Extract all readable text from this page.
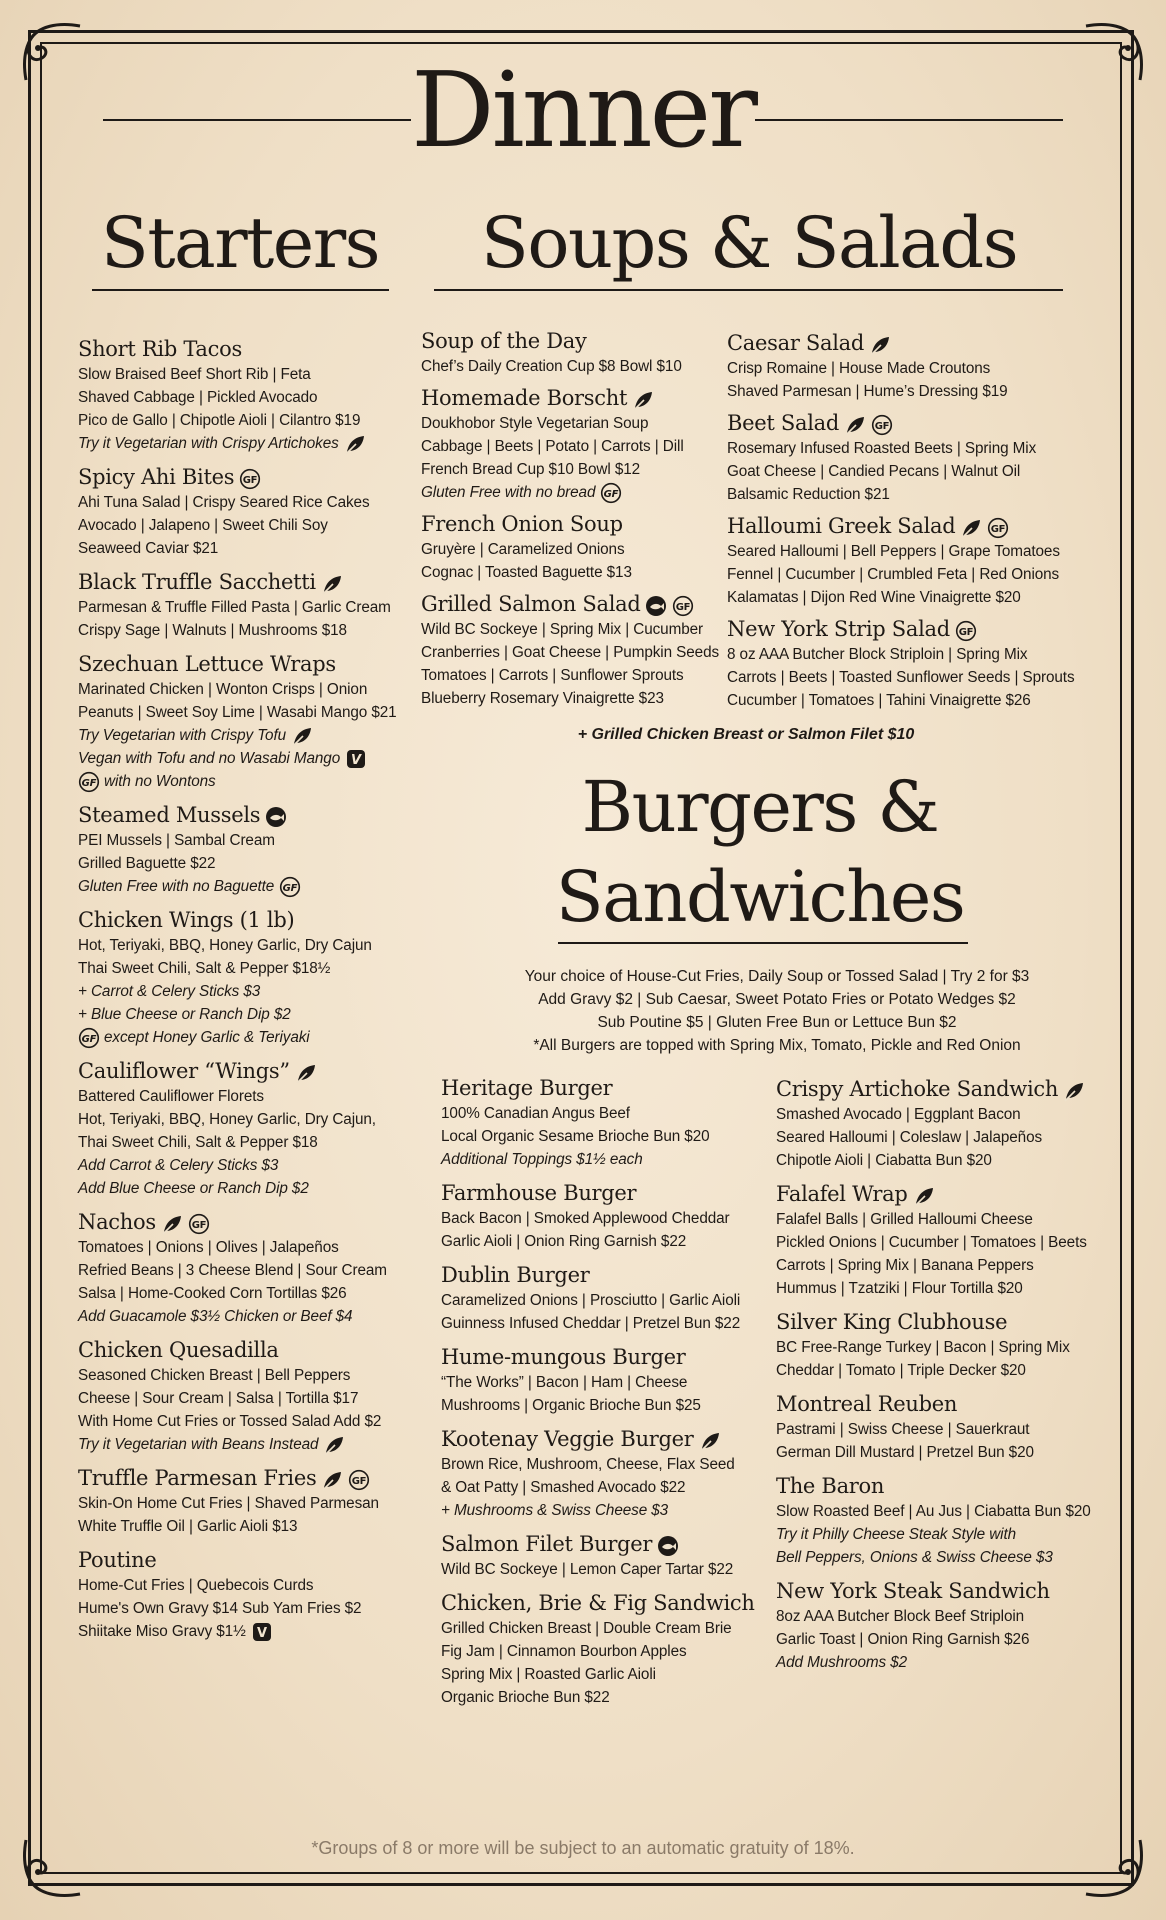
Dinner
Starters	Soups & Salads
Short Rib Tacos
Slow Braised Beef Short Rib | Feta
Shaved Cabbage | Pickled Avocado
Pico de Gallo | Chipotle Aioli | Cilantro $19
Try it Vegetarian with Crispy Artichokes
Spicy Ahi Bites GF
Ahi Tuna Salad | Crispy Seared Rice Cakes
Avocado | Jalapeno | Sweet Chili Soy
Seaweed Caviar $21
Black Truffle Sacchetti
Parmesan & Truffle Filled Pasta | Garlic Cream
Crispy Sage | Walnuts | Mushrooms $18
Szechuan Lettuce Wraps
Marinated Chicken | Wonton Crisps | Onion
Peanuts | Sweet Soy Lime | Wasabi Mango $21
Try Vegetarian with Crispy Tofu
Vegan with Tofu and no Wasabi Mango V
GF with no Wontons
Steamed Mussels
PEI Mussels | Sambal Cream
Grilled Baguette $22
Gluten Free with no Baguette GF
Chicken Wings (1 lb)
Hot, Teriyaki, BBQ, Honey Garlic, Dry Cajun
Thai Sweet Chili, Salt & Pepper $18½
+ Carrot & Celery Sticks $3
+ Blue Cheese or Ranch Dip $2
GF except Honey Garlic & Teriyaki
Cauliflower “Wings”
Battered Cauliflower Florets
Hot, Teriyaki, BBQ, Honey Garlic, Dry Cajun,
Thai Sweet Chili, Salt & Pepper $18
Add Carrot & Celery Sticks $3
Add Blue Cheese or Ranch Dip $2
Nachos	GF
Tomatoes | Onions | Olives | Jalapeños
Refried Beans | 3 Cheese Blend | Sour Cream
Salsa | Home-Cooked Corn Tortillas $26
Add Guacamole $3½ Chicken or Beef $4
Chicken Quesadilla
Seasoned Chicken Breast | Bell Peppers
Cheese | Sour Cream | Salsa | Tortilla $17
With Home Cut Fries or Tossed Salad Add $2
Try it Vegetarian with Beans Instead
Truffle Parmesan Fries	GF
Skin-On Home Cut Fries | Shaved Parmesan
White Truffle Oil | Garlic Aioli $13
Poutine
Home-Cut Fries | Quebecois Curds
Hume's Own Gravy $14 Sub Yam Fries $2
Shiitake Miso Gravy $1½ V
Soup of the Day
Chef’s Daily Creation Cup $8 Bowl $10
Homemade Borscht
Doukhobor Style Vegetarian Soup
Cabbage | Beets | Potato | Carrots | Dill
French Bread Cup $10 Bowl $12
Gluten Free with no bread GF
French Onion Soup
Gruyère | Caramelized Onions
Cognac | Toasted Baguette $13
Grilled Salmon Salad	GF
Wild BC Sockeye | Spring Mix | Cucumber
Cranberries | Goat Cheese | Pumpkin Seeds
Tomatoes | Carrots | Sunflower Sprouts
Blueberry Rosemary Vinaigrette $23
Caesar Salad
Crisp Romaine | House Made Croutons
Shaved Parmesan | Hume’s Dressing $19
Beet Salad	GF
Rosemary Infused Roasted Beets | Spring Mix
Goat Cheese | Candied Pecans | Walnut Oil
Balsamic Reduction $21
Halloumi Greek Salad	GF
Seared Halloumi | Bell Peppers | Grape Tomatoes
Fennel | Cucumber | Crumbled Feta | Red Onions
Kalamatas | Dijon Red Wine Vinaigrette $20
New York Strip Salad GF
8 oz AAA Butcher Block Striploin | Spring Mix
Carrots | Beets | Toasted Sunflower Seeds | Sprouts
Cucumber | Tomatoes | Tahini Vinaigrette $26
+ Grilled Chicken Breast or Salmon Filet $10
Burgers &
Sandwiches
Your choice of House-Cut Fries, Daily Soup or Tossed Salad | Try 2 for $3
Add Gravy $2 | Sub Caesar, Sweet Potato Fries or Potato Wedges $2
Sub Poutine $5 | Gluten Free Bun or Lettuce Bun $2
*All Burgers are topped with Spring Mix, Tomato, Pickle and Red Onion
Heritage Burger
100% Canadian Angus Beef
Local Organic Sesame Brioche Bun $20
Additional Toppings $1½ each
Farmhouse Burger
Back Bacon | Smoked Applewood Cheddar
Garlic Aioli | Onion Ring Garnish $22
Dublin Burger
Caramelized Onions | Prosciutto | Garlic Aioli
Guinness Infused Cheddar | Pretzel Bun $22
Hume-mungous Burger
“The Works” | Bacon | Ham | Cheese
Mushrooms | Organic Brioche Bun $25
Kootenay Veggie Burger
Brown Rice, Mushroom, Cheese, Flax Seed
& Oat Patty | Smashed Avocado $22
+ Mushrooms & Swiss Cheese $3
Salmon Filet Burger
Wild BC Sockeye | Lemon Caper Tartar $22
Chicken, Brie & Fig Sandwich
Grilled Chicken Breast | Double Cream Brie
Fig Jam | Cinnamon Bourbon Apples
Spring Mix | Roasted Garlic Aioli
Organic Brioche Bun $22
Crispy Artichoke Sandwich
Smashed Avocado | Eggplant Bacon
Seared Halloumi | Coleslaw | Jalapeños
Chipotle Aioli | Ciabatta Bun $20
Falafel Wrap
Falafel Balls | Grilled Halloumi Cheese
Pickled Onions | Cucumber | Tomatoes | Beets
Carrots | Spring Mix | Banana Peppers
Hummus | Tzatziki | Flour Tortilla $20
Silver King Clubhouse
BC Free-Range Turkey | Bacon | Spring Mix
Cheddar | Tomato | Triple Decker $20
Montreal Reuben
Pastrami | Swiss Cheese | Sauerkraut
German Dill Mustard | Pretzel Bun $20
The Baron
Slow Roasted Beef | Au Jus | Ciabatta Bun $20
Try it Philly Cheese Steak Style with
Bell Peppers, Onions & Swiss Cheese $3
New York Steak Sandwich
8oz AAA Butcher Block Beef Striploin
Garlic Toast | Onion Ring Garnish $26
Add Mushrooms $2
*Groups of 8 or more will be subject to an automatic gratuity of 18%.
